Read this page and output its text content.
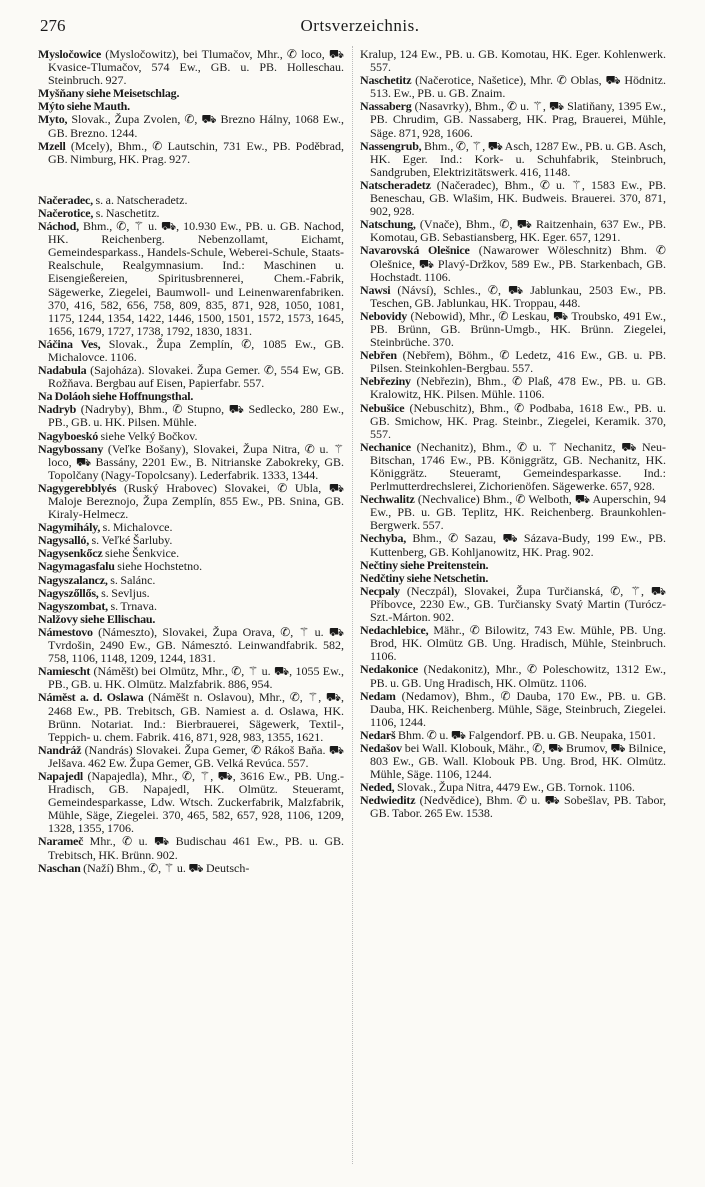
276	Ortsverzeichnis.

Mysločowice (Mysločowitz), bei Tlumačov, Mhr., ✆ loco, ⛟ Kvasice-Tlumačov, 574 Ew., GB. u. PB. Holleschau. Steinbruch. 927.

Myšňany siehe Meisetschlag.

Mýto siehe Mauth.

Myto, Slovak., Župa Zvolen, ✆, ⛟ Brezno Hálny, 1068 Ew., GB. Brezno. 1244.

Mzell (Mcely), Bhm., ✆ Lautschin, 731 Ew., PB. Poděbrad, GB. Nimburg, HK. Prag. 927.

Načeradec, s. a. Natscheradetz.

Načerotice, s. Naschetitz.

Náchod, Bhm., ✆, ⚚ u. ⛟, 10.930 Ew., PB. u. GB. Nachod, HK. Reichenberg. Nebenzollamt, Eichamt, Gemeindesparkass., Handels-Schule, Weberei-Schule, Staats-Realschule, Realgymnasium. Ind.: Maschinen u. Eisengießereien, Spiritusbrennerei, Chem.-Fabrik, Sägewerke, Ziegelei, Baumwoll- und Leinenwarenfabriken. 370, 416, 582, 656, 758, 809, 835, 871, 928, 1050, 1081, 1175, 1244, 1354, 1422, 1446, 1500, 1501, 1572, 1573, 1645, 1656, 1679, 1727, 1738, 1792, 1830, 1831.

Náčina Ves, Slovak., Župa Zemplín, ✆, 1085 Ew., GB. Michalovce. 1106.

Nadabula (Sajoháza). Slovakei. Župa Gemer. ✆, 554 Ew, GB. Rožňava. Bergbau auf Eisen, Papierfabr. 557.

Na Doláoh siehe Hoffnungsthal.

Nadryb (Nadryby), Bhm., ✆ Stupno, ⛟ Sedlecko, 280 Ew., PB., GB. u. HK. Pilsen. Mühle.

Nagyboeskó siehe Velký Bočkov.

Nagybossany (Veľke Bošany), Slovakei, Župa Nitra, ✆ u. ⚚ loco, ⛟ Bassány, 2201 Ew., B. Nitrianske Zabokreky, GB. Topolčany (Nagy-Topolcsany). Lederfabrik. 1333, 1344.

Nagygerebblyés (Ruský Hrabovec) Slovakei, ✆ Ubla, ⛟ Maloje Bereznojo, Župa Zemplín, 855 Ew., PB. Snina, GB. Kiraly-Helmecz.

Nagymihály, s. Michalovce.

Nagysalló, s. Veľké Šarluby.

Nagysenkőcz siehe Šenkvice.

Nagymagasfalu siehe Hochstetno.

Nagyszalancz, s. Salánc.

Nagyszőllős, s. Sevljus.

Nagyszombat, s. Trnava.

Nalžovy siehe Ellischau.

Námestovo (Námeszto), Slovakei, Župa Orava, ✆, ⚚ u. ⛟ Tvrdošin, 2490 Ew., GB. Námesztó. Leinwandfabrik. 582, 758, 1106, 1148, 1209, 1244, 1831.

Namiescht (Náměšt) bei Olmütz, Mhr., ✆, ⚚ u. ⛟, 1055 Ew., PB., GB. u. HK. Olmütz. Malzfabrik. 886, 954.

Náměst a. d. Oslawa (Náměšt n. Oslavou), Mhr., ✆, ⚚, ⛟, 2468 Ew., PB. Trebitsch, GB. Namiest a. d. Oslawa, HK. Brünn. Notariat. Ind.: Bierbrauerei, Sägewerk, Textil-, Teppich- u. chem. Fabrik. 416, 871, 928, 983, 1355, 1621.

Nandráž (Nandrás) Slovakei. Župa Gemer, ✆ Rákoš Baňa. ⛟ Jelšava. 462 Ew. Župa Gemer, GB. Velká Revúca. 557.

Napajedl (Napajedla), Mhr., ✆, ⚚, ⛟, 3616 Ew., PB. Ung.-Hradisch, GB. Napajedl, HK. Olmütz. Steueramt, Gemeindesparkasse, Ldw. Wtsch. Zuckerfabrik, Malzfabrik, Mühle, Säge, Ziegelei. 370, 465, 582, 657, 928, 1106, 1209, 1328, 1355, 1706.

Narameč Mhr., ✆ u. ⛟ Budischau 461 Ew., PB. u. GB. Trebitsch, HK. Brünn. 902.

Naschan (Naží) Bhm., ✆, ⚚ u. ⛟ Deutsch-

Kralup, 124 Ew., PB. u. GB. Komotau, HK. Eger. Kohlenwerk. 557.

Naschetitz (Načerotice, Našetice), Mhr. ✆ Oblas, ⛟ Hödnitz. 513. Ew., PB. u. GB. Znaim.

Nassaberg (Nasavrky), Bhm., ✆ u. ⚚, ⛟ Slatiňany, 1395 Ew., PB. Chrudim, GB. Nassaberg, HK. Prag, Brauerei, Mühle, Säge. 871, 928, 1606.

Nassengrub, Bhm., ✆, ⚚, ⛟ Asch, 1287 Ew., PB. u. GB. Asch, HK. Eger. Ind.: Kork- u. Schuhfabrik, Steinbruch, Sandgruben, Elektrizitätswerk. 416, 1148.

Natscheradetz (Načeradec), Bhm., ✆ u. ⚚, 1583 Ew., PB. Beneschau, GB. Wlašim, HK. Budweis. Brauerei. 370, 871, 902, 928.

Natschung, (Vnače), Bhm., ✆, ⛟ Raitzenhain, 637 Ew., PB. Komotau, GB. Sebastiansberg, HK. Eger. 657, 1291.

Navarovská Olešnice (Nawarower Wöleschnitz) Bhm. ✆ Olešnice, ⛟ Plavý-Držkov, 589 Ew., PB. Starkenbach, GB. Hochstadt. 1106.

Nawsi (Návsí), Schles., ✆, ⛟ Jablunkau, 2503 Ew., PB. Teschen, GB. Jablunkau, HK. Troppau, 448.

Nebovidy (Nebowid), Mhr., ✆ Leskau, ⛟ Troubsko, 491 Ew., PB. Brünn, GB. Brünn-Umgb., HK. Brünn. Ziegelei, Steinbrüche. 370.

Nebřen (Nebřem), Böhm., ✆ Ledetz, 416 Ew., GB. u. PB. Pilsen. Steinkohlen-Bergbau. 557.

Nebřeziny (Nebřezin), Bhm., ✆ Plaß, 478 Ew., PB. u. GB. Kralowitz, HK. Pilsen. Mühle. 1106.

Nebušice (Nebuschitz), Bhm., ✆ Podbaba, 1618 Ew., PB. u. GB. Smichow, HK. Prag. Steinbr., Ziegelei, Keramik. 370, 557.

Nechanice (Nechanitz), Bhm., ✆ u. ⚚ Nechanitz, ⛟ Neu-Bitschan, 1746 Ew., PB. Königgrätz, GB. Nechanitz, HK. Königgrätz. Steueramt, Gemeindesparkasse. Ind.: Perlmutterdrechslerei, Zichorienöfen. Sägewerke. 657, 928.

Nechwalitz (Nechvalice) Bhm., ✆ Welboth, ⛟ Auperschin, 94 Ew., PB. u. GB. Teplitz, HK. Reichenberg. Braunkohlen-Bergwerk. 557.

Nechyba, Bhm., ✆ Sazau, ⛟ Sázava-Budy, 199 Ew., PB. Kuttenberg, GB. Kohljanowitz, HK. Prag. 902.

Nečtiny siehe Preitenstein.

Nedčtiny siehe Netschetin.

Necpaly (Neczpál), Slovakei, Župa Turčianská, ✆, ⚚, ⛟ Příbovce, 2230 Ew., GB. Turčiansky Svatý Martin (Turócz-Szt.-Márton. 902.

Nedachlebice, Mähr., ✆ Bilowitz, 743 Ew. Mühle, PB. Ung. Brod, HK. Olmütz GB. Ung. Hradisch, Mühle, Steinbruch. 1106.

Nedakonice (Nedakonitz), Mhr., ✆ Poleschowitz, 1312 Ew., PB. u. GB. Ung Hradisch, HK. Olmütz. 1106.

Nedam (Nedamov), Bhm., ✆ Dauba, 170 Ew., PB. u. GB. Dauba, HK. Reichenberg. Mühle, Säge, Steinbruch, Ziegelei. 1106, 1244.

Nedarš Bhm. ✆ u. ⛟ Falgendorf. PB. u. GB. Neupaka, 1501.

Nedašov bei Wall. Klobouk, Mähr., ✆, ⛟ Brumov, ⛟ Bilnice, 803 Ew., GB. Wall. Klobouk PB. Ung. Brod, HK. Olmütz. Mühle, Säge. 1106, 1244.

Neded, Slovak., Župa Nitra, 4479 Ew., GB. Tornok. 1106.

Nedwieditz (Nedvědice), Bhm. ✆ u. ⛟ Sobešlav, PB. Tabor, GB. Tabor. 265 Ew. 1538.
